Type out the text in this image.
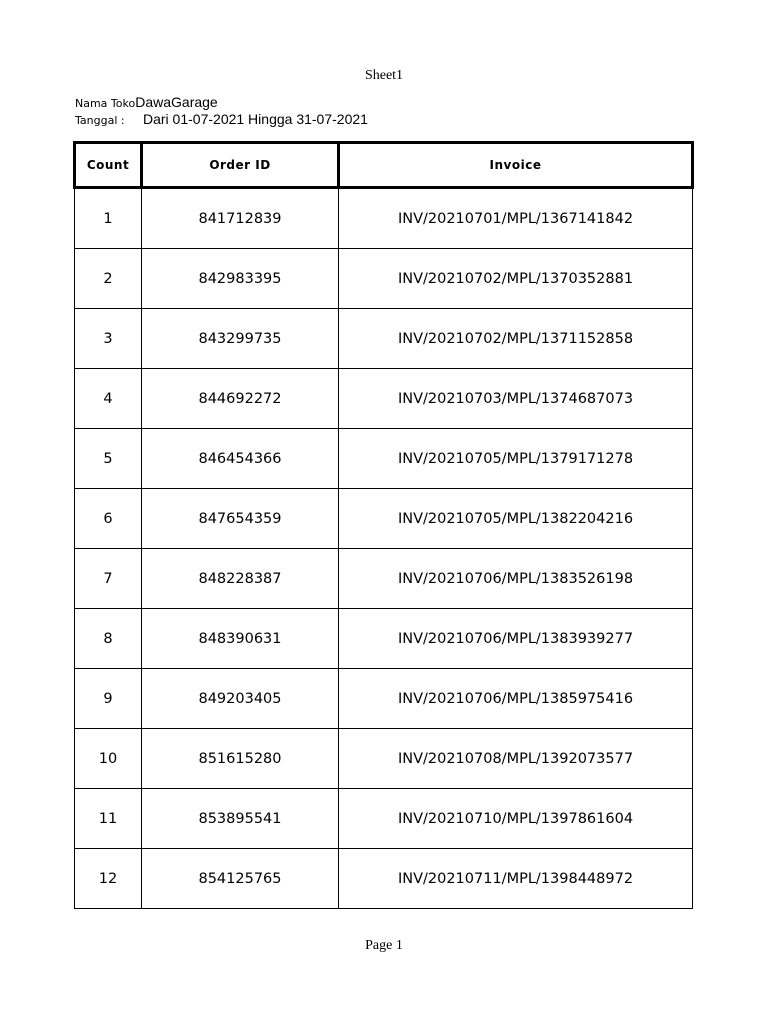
Sheet1
Nama TokoDawaGarage
Tanggal : Dari 01-07-2021 Hingga 31-07-2021
Count	Order ID	Invoice
1	841712839	INV/20210701/MPL/1367141842
2	842983395	INV/20210702/MPL/1370352881
3	843299735	INV/20210702/MPL/1371152858
4	844692272	INV/20210703/MPL/1374687073
5	846454366	INV/20210705/MPL/1379171278
6	847654359	INV/20210705/MPL/1382204216
7	848228387	INV/20210706/MPL/1383526198
8	848390631	INV/20210706/MPL/1383939277
9	849203405	INV/20210706/MPL/1385975416
10	851615280	INV/20210708/MPL/1392073577
11	853895541	INV/20210710/MPL/1397861604
12	854125765	INV/20210711/MPL/1398448972
Page 1
